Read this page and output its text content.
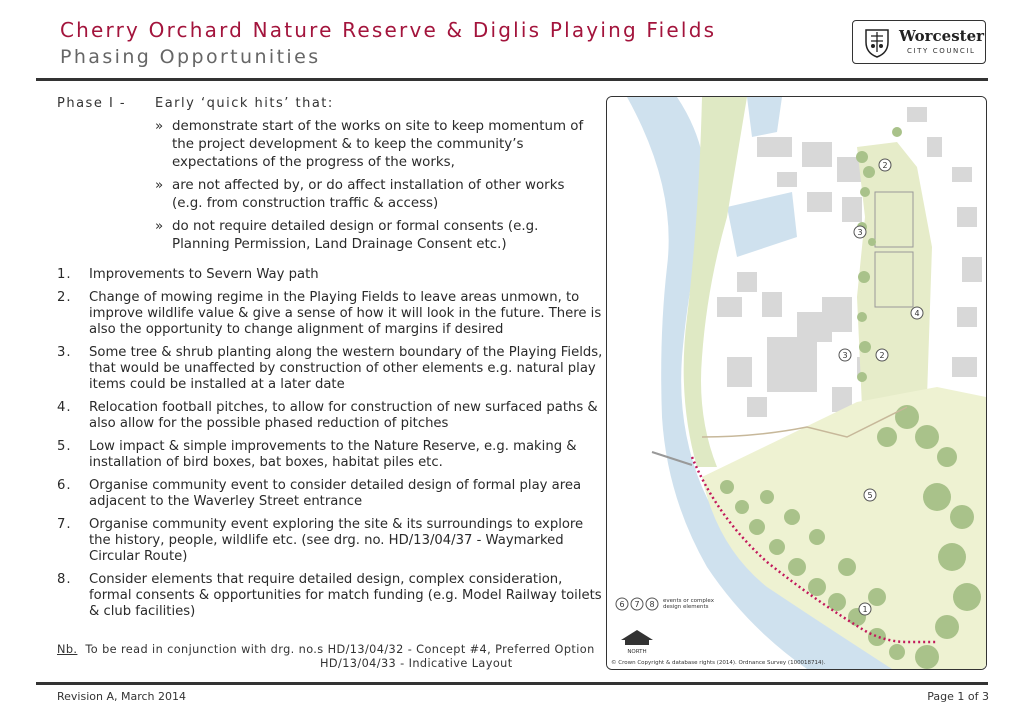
Cherry Orchard Nature Reserve & Diglis Playing Fields
Phasing Opportunities
Worcester
CITY COUNCIL
Phase I - Early ‘quick hits’ that:
» demonstrate start of the works on site to keep momentum of the project development & to keep the community’s expectations of the progress of the works,
» are not affected by, or do affect installation of other works (e.g. from construction traffic & access)
» do not require detailed design or formal consents (e.g. Planning Permission, Land Drainage Consent etc.)
1. Improvements to Severn Way path
2. Change of mowing regime in the Playing Fields to leave areas unmown, to improve wildlife value & give a sense of how it will look in the future. There is also the opportunity to change alignment of margins if desired
3. Some tree & shrub planting along the western boundary of the Playing Fields, that would be unaffected by construction of other elements e.g. natural play items could be installed at a later date
4. Relocation football pitches, to allow for construction of new surfaced paths & also allow for the possible phased reduction of pitches
5. Low impact & simple improvements to the Nature Reserve, e.g. making & installation of bird boxes, bat boxes, habitat piles etc.
6. Organise community event to consider detailed design of formal play area adjacent to the Waverley Street entrance
7. Organise community event exploring the site & its surroundings to explore the history, people, wildlife etc. (see drg. no. HD/13/04/37 - Waymarked Circular Route)
8. Consider elements that require detailed design, complex consideration, formal consents & opportunities for match funding (e.g. Model Railway toilets & club facilities)
Nb. To be read in conjunction with drg. no.s HD/13/04/32 - Concept #4, Preferred Option
HD/13/04/33 - Indicative Layout
2
3
4
3	2
5
1
6 7 8 events or complex
design elements
NORTH
© Crown Copyright & database rights (2014). Ordnance Survey (100018714).
Revision A, March 2014	Page 1 of 3
